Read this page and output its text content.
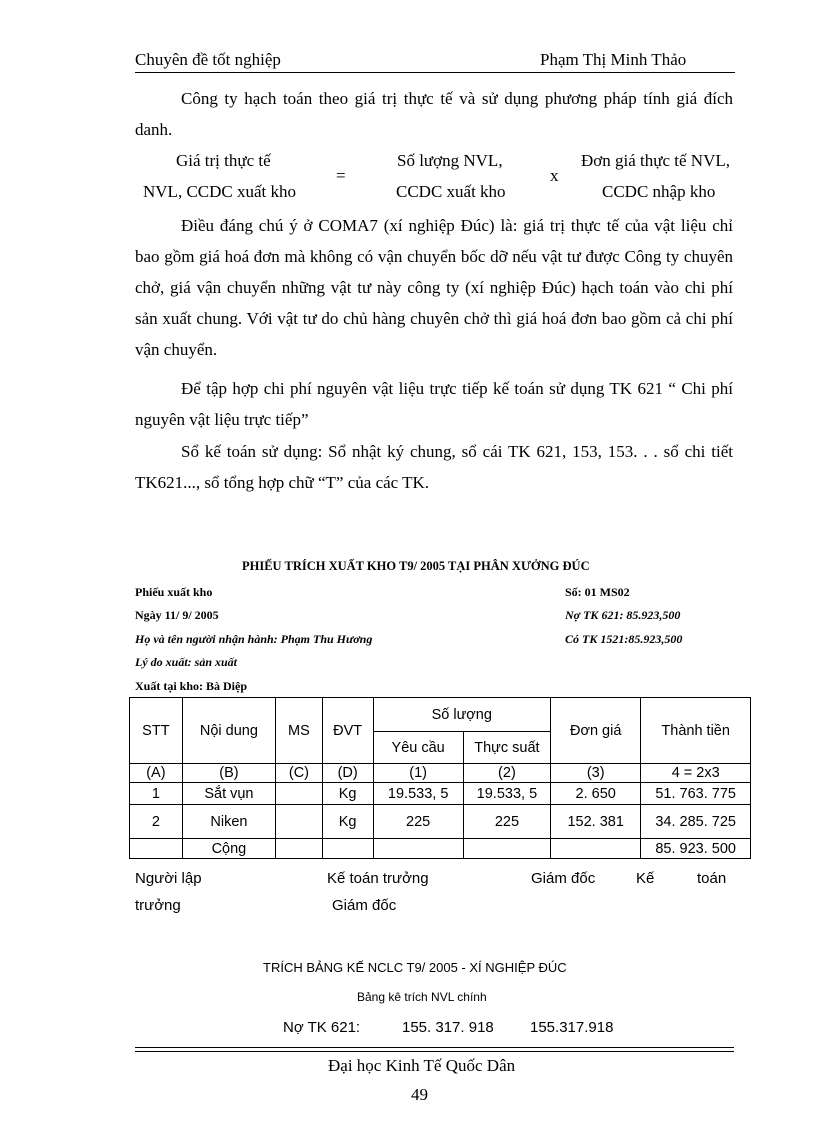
Chuyên đề tốt nghiệp	Phạm Thị Minh Thảo

Công ty hạch toán theo giá trị thực tế và sử dụng phương pháp tính giá đích danh.

Giá trị thực tế
NVL, CCDC xuất kho
=
Số lượng NVL,
CCDC xuất kho
x
Đơn giá thực tế NVL,
CCDC nhập kho

Điều đáng chú ý ở COMA7 (xí nghiệp Đúc) là: giá trị thực tế của vật liệu chỉ bao gồm giá hoá đơn mà không có vận chuyển bốc dỡ nếu vật tư được Công ty chuyên chở, giá vận chuyển những vật tư này công ty (xí nghiệp Đúc) hạch toán vào chi phí sản xuất chung. Với vật tư do chủ hàng chuyên chở thì giá hoá đơn bao gồm cả chi phí vận chuyển.

Để tập hợp chi phí nguyên vật liệu trực tiếp kế toán sử dụng TK 621 “ Chi phí nguyên vật liệu trực tiếp”

Sổ kế toán sử dụng: Sổ nhật ký chung, sổ cái TK 621, 153, 153. . . sổ chi tiết TK621..., sổ tổng hợp chữ “T” của các TK.

PHIẾU TRÍCH XUẤT KHO T9/ 2005 TẠI PHÂN XƯỞNG ĐÚC
Phiếu xuất kho
Ngày 11/ 9/ 2005
Họ và tên người nhận hành: Phạm Thu Hương
Lý do xuất: sản xuất
Xuất tại kho: Bà Diệp
Số: 01 MS02
Nợ TK 621: 85.923,500
Có TK 1521:85.923,500
STT	Nội dung	MS	ĐVT	Số lượng		Đơn giá	Thành tiền
				Yêu cầu	Thực suất		
(A)	(B)	(C)	(D)	(1)	(2)	(3)	4 = 2x3
1	Sắt vụn		Kg	19.533, 5	19.533, 5	2. 650	51. 763. 775
2	Niken		Kg	225	225	152. 381	34. 285. 725
	Cộng						85. 923. 500
Người lập	Kế toán trưởng	Giám đốc	Kế	toán
trưởng	Giám đốc
TRÍCH BẢNG KẾ NCLC T9/ 2005 - XÍ NGHIỆP ĐÚC
Bảng kê trích NVL chính
Nợ TK 621:	155. 317. 918 155.317.918
Đại học Kinh Tế Quốc Dân
49
